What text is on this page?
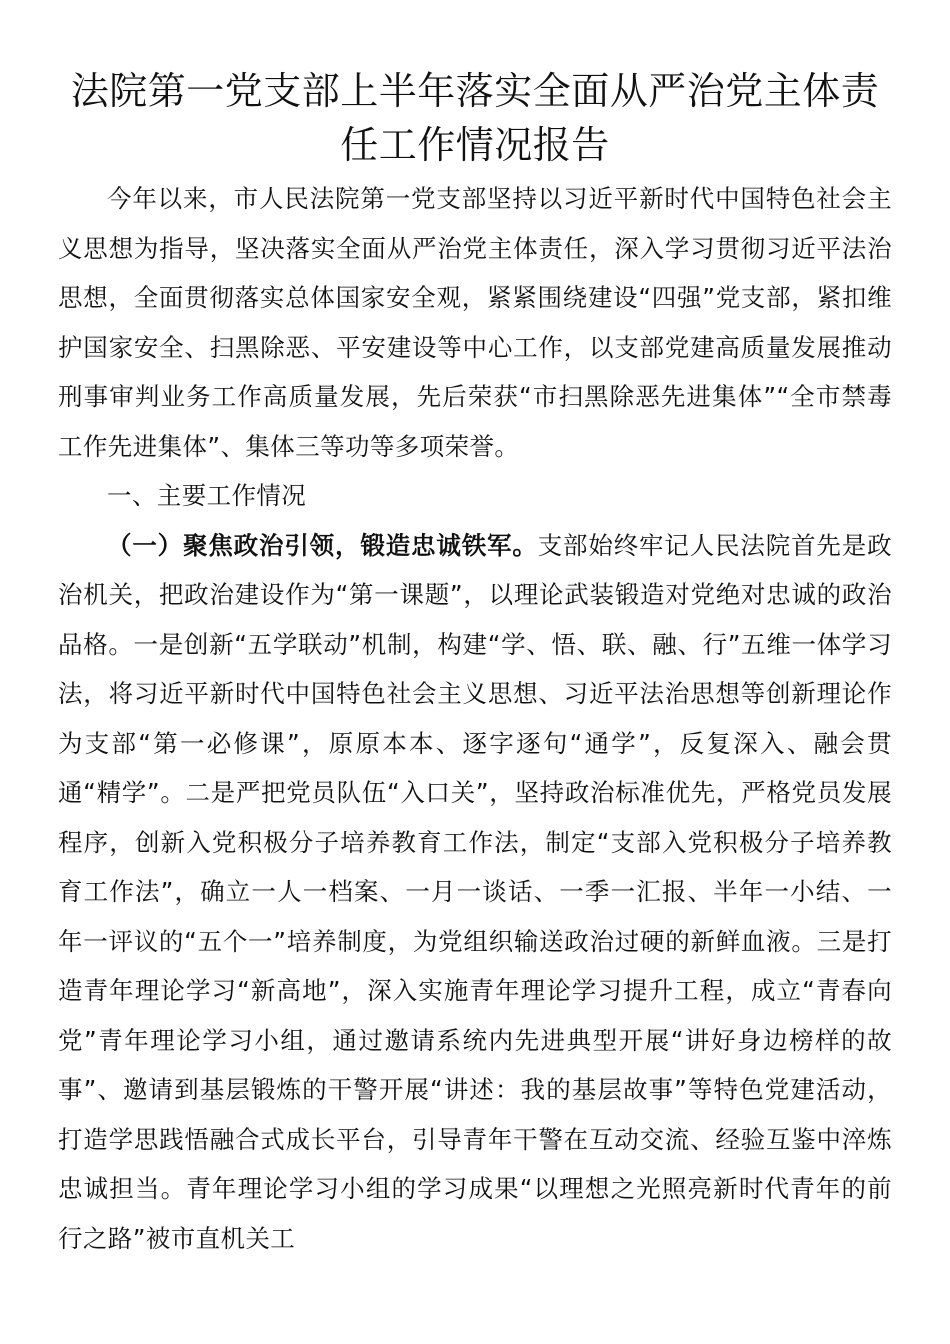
法院第一党支部上半年落实全面从严治党主体责任工作情况报告

今年以来，市人民法院第一党支部坚持以习近平新时代中国特色社会主义思想为指导，坚决落实全面从严治党主体责任，深入学习贯彻习近平法治思想，全面贯彻落实总体国家安全观，紧紧围绕建设“四强”党支部，紧扣维护国家安全、扫黑除恶、平安建设等中心工作，以支部党建高质量发展推动刑事审判业务工作高质量发展，先后荣获“市扫黑除恶先进集体”“全市禁毒工作先进集体”、集体三等功等多项荣誉。

一、主要工作情况

（一）聚焦政治引领，锻造忠诚铁军。支部始终牢记人民法院首先是政治机关，把政治建设作为“第一课题”，以理论武装锻造对党绝对忠诚的政治品格。一是创新“五学联动”机制，构建“学、悟、联、融、行”五维一体学习法，将习近平新时代中国特色社会主义思想、习近平法治思想等创新理论作为支部“第一必修课”，原原本本、逐字逐句“通学”，反复深入、融会贯通“精学”。二是严把党员队伍“入口关”，坚持政治标准优先，严格党员发展程序，创新入党积极分子培养教育工作法，制定“支部入党积极分子培养教育工作法”，确立一人一档案、一月一谈话、一季一汇报、半年一小结、一年一评议的“五个一”培养制度，为党组织输送政治过硬的新鲜血液。三是打造青年理论学习“新高地”，深入实施青年理论学习提升工程，成立“青春向党”青年理论学习小组，通过邀请系统内先进典型开展“讲好身边榜样的故事”、邀请到基层锻炼的干警开展“讲述：我的基层故事”等特色党建活动，打造学思践悟融合式成长平台，引导青年干警在互动交流、经验互鉴中淬炼忠诚担当。青年理论学习小组的学习成果“以理想之光照亮新时代青年的前行之路”被市直机关工
